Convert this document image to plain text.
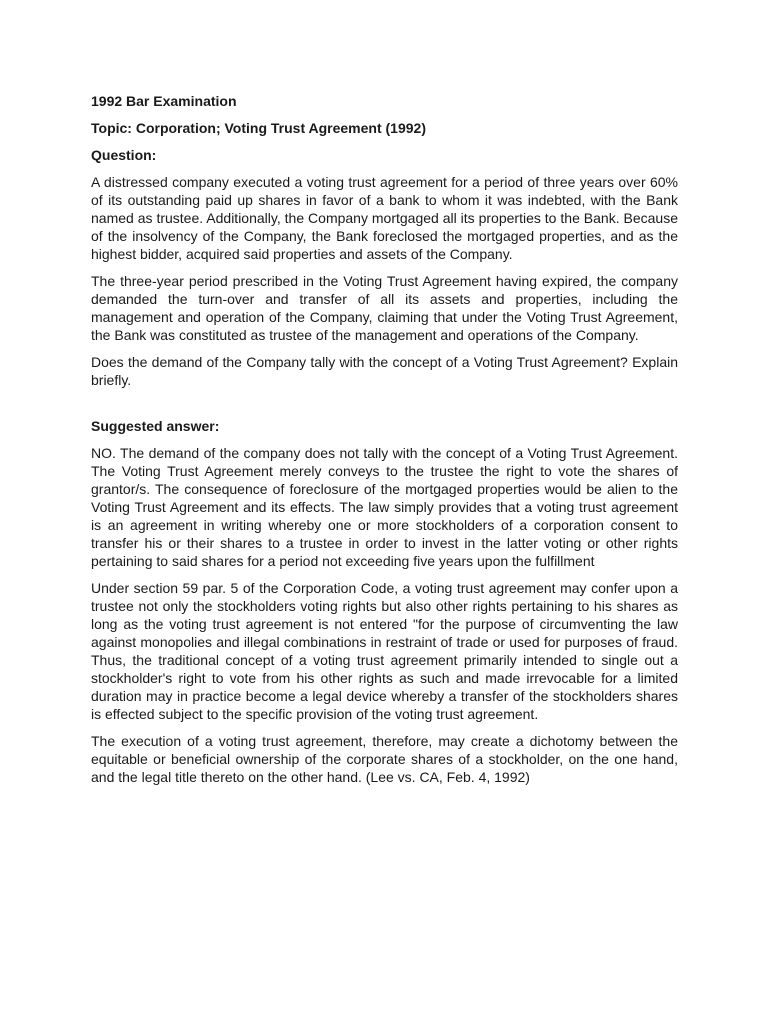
1992 Bar Examination

Topic: Corporation; Voting Trust Agreement (1992)

Question:

A distressed company executed a voting trust agreement for a period of three years over 60% of its outstanding paid up shares in favor of a bank to whom it was indebted, with the Bank named as trustee. Additionally, the Company mortgaged all its properties to the Bank. Because of the insolvency of the Company, the Bank foreclosed the mortgaged properties, and as the highest bidder, acquired said properties and assets of the Company.

The three-year period prescribed in the Voting Trust Agreement having expired, the company demanded the turn-over and transfer of all its assets and properties, including the management and operation of the Company, claiming that under the Voting Trust Agreement, the Bank was constituted as trustee of the management and operations of the Company.

Does the demand of the Company tally with the concept of a Voting Trust Agreement? Explain briefly.

Suggested answer:

NO. The demand of the company does not tally with the concept of a Voting Trust Agreement. The Voting Trust Agreement merely conveys to the trustee the right to vote the shares of grantor/s. The consequence of foreclosure of the mortgaged properties would be alien to the Voting Trust Agreement and its effects. The law simply provides that a voting trust agreement is an agreement in writing whereby one or more stockholders of a corporation consent to transfer his or their shares to a trustee in order to invest in the latter voting or other rights pertaining to said shares for a period not exceeding five years upon the fulfillment

Under section 59 par. 5 of the Corporation Code, a voting trust agreement may confer upon a trustee not only the stockholders voting rights but also other rights pertaining to his shares as long as the voting trust agreement is not entered "for the purpose of circumventing the law against monopolies and illegal combinations in restraint of trade or used for purposes of fraud. Thus, the traditional concept of a voting trust agreement primarily intended to single out a stockholder's right to vote from his other rights as such and made irrevocable for a limited duration may in practice become a legal device whereby a transfer of the stockholders shares is effected subject to the specific provision of the voting trust agreement.

The execution of a voting trust agreement, therefore, may create a dichotomy between the equitable or beneficial ownership of the corporate shares of a stockholder, on the one hand, and the legal title thereto on the other hand. (Lee vs. CA, Feb. 4, 1992)
